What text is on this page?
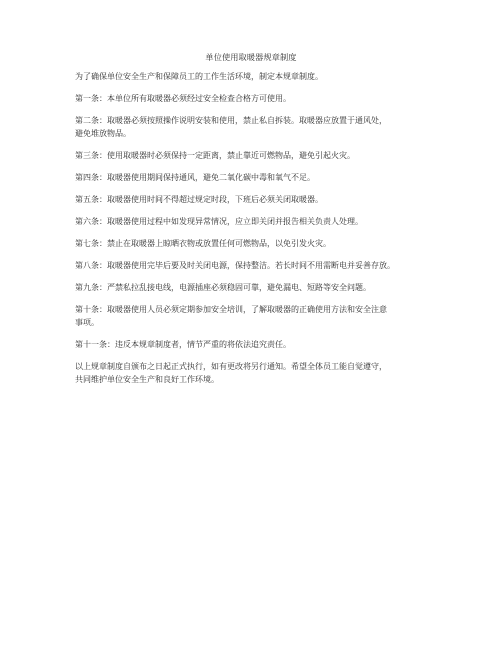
单位使用取暖器规章制度

为了确保单位安全生产和保障员工的工作生活环境，制定本规章制度。

第一条：本单位所有取暖器必须经过安全检查合格方可使用。

第二条：取暖器必须按照操作说明安装和使用，禁止私自拆装。取暖器应放置于通风处，
避免堆放物品。

第三条：使用取暖器时必须保持一定距离，禁止靠近可燃物品，避免引起火灾。

第四条：取暖器使用期间保持通风，避免二氧化碳中毒和氧气不足。

第五条：取暖器使用时间不得超过规定时段，下班后必须关闭取暖器。

第六条：取暖器使用过程中如发现异常情况，应立即关闭并报告相关负责人处理。

第七条：禁止在取暖器上晾晒衣物或放置任何可燃物品，以免引发火灾。

第八条：取暖器使用完毕后要及时关闭电源，保持整洁。若长时间不用需断电并妥善存放。

第九条：严禁私拉乱接电线，电源插座必须稳固可靠，避免漏电、短路等安全问题。

第十条：取暖器使用人员必须定期参加安全培训，了解取暖器的正确使用方法和安全注意
事项。

第十一条：违反本规章制度者，情节严重的将依法追究责任。

以上规章制度自颁布之日起正式执行，如有更改将另行通知。希望全体员工能自觉遵守，
共同维护单位安全生产和良好工作环境。
